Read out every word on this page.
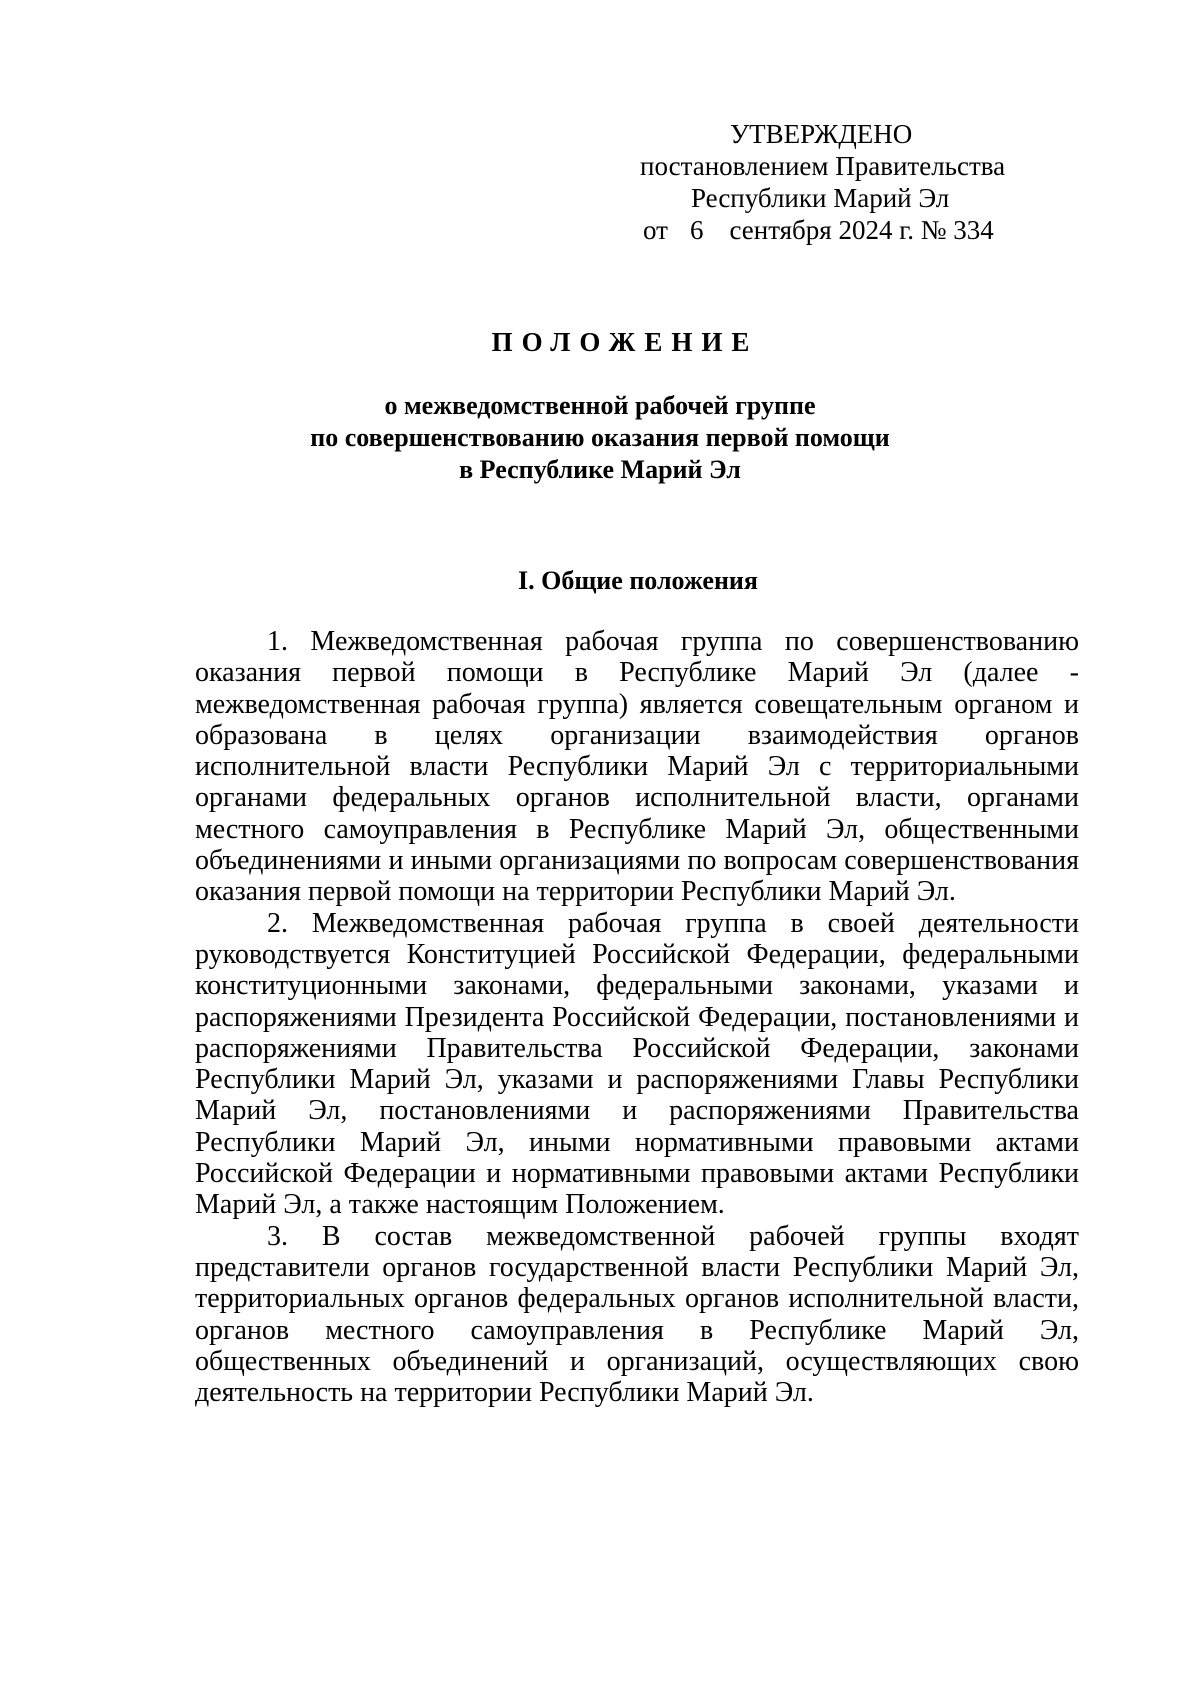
УТВЕРЖДЕНО
постановлением Правительства
Республики Марий Эл
от 6 сентября 2024 г. № 334
ПОЛОЖЕНИЕ
о межведомственной рабочей группе
по совершенствованию оказания первой помощи
в Республике Марий Эл
I. Общие положения

1. Межведомственная рабочая группа по совершенствованию оказания первой помощи в Республике Марий Эл (далее - межведомственная рабочая группа) является совещательным органом и образована в целях организации взаимодействия органов исполнительной власти Республики Марий Эл с территориальными органами федеральных органов исполнительной власти, органами местного самоуправления в Республике Марий Эл, общественными объединениями и иными организациями по вопросам совершенствования оказания первой помощи на территории Республики Марий Эл.

2. Межведомственная рабочая группа в своей деятельности руководствуется Конституцией Российской Федерации, федеральными конституционными законами, федеральными законами, указами и распоряжениями Президента Российской Федерации, постановлениями и распоряжениями Правительства Российской Федерации, законами Республики Марий Эл, указами и распоряжениями Главы Республики Марий Эл, постановлениями и распоряжениями Правительства Республики Марий Эл, иными нормативными правовыми актами Российской Федерации и нормативными правовыми актами Республики Марий Эл, а также настоящим Положением.

3. В состав межведомственной рабочей группы входят представители органов государственной власти Республики Марий Эл, территориальных органов федеральных органов исполнительной власти, органов местного самоуправления в Республике Марий Эл, общественных объединений и организаций, осуществляющих свою деятельность на территории Республики Марий Эл.
